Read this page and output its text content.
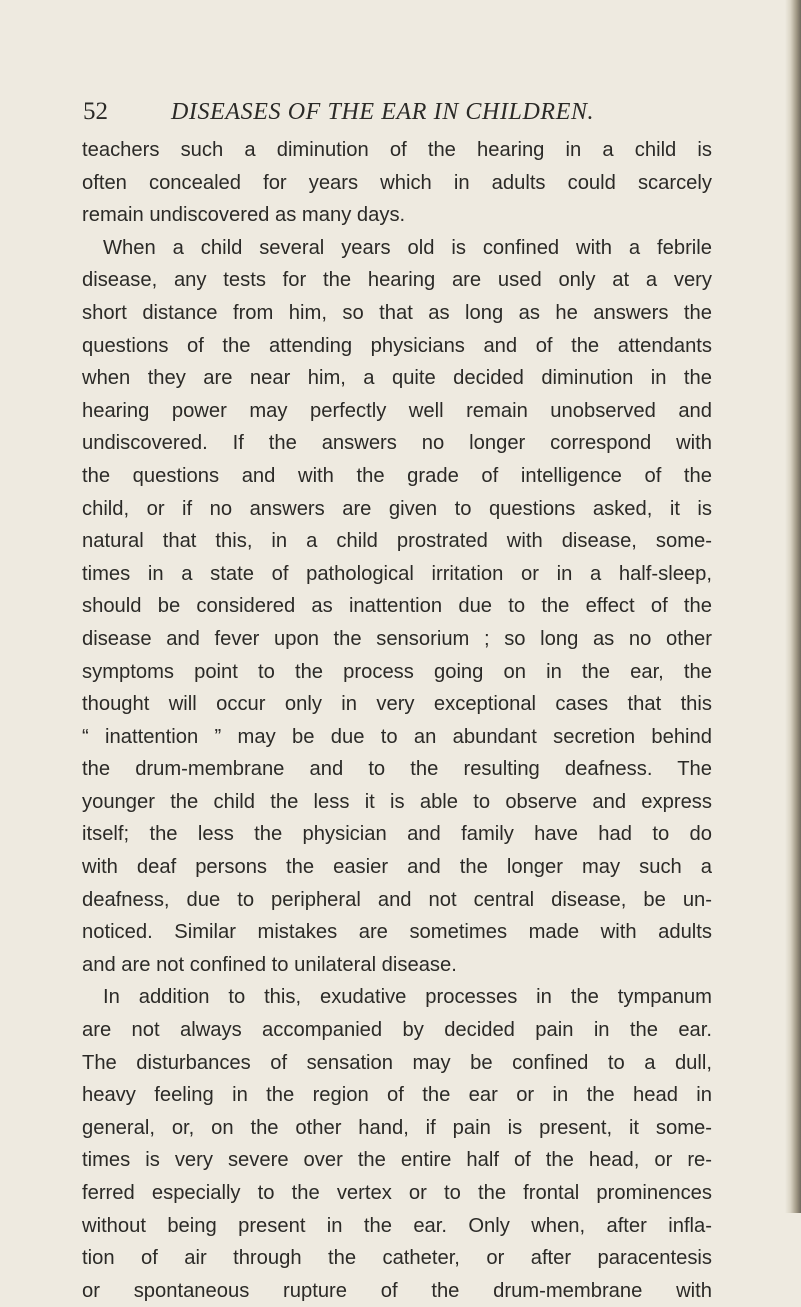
52	DISEASES OF THE EAR IN CHILDREN.
teachers such a diminution of the hearing in a child is
often concealed for years which in adults could scarcely
remain undiscovered as many days.
When a child several years old is confined with a febrile
disease, any tests for the hearing are used only at a very
short distance from him, so that as long as he answers the
questions of the attending physicians and of the attendants
when they are near him, a quite decided diminution in the
hearing power may perfectly well remain unobserved and
undiscovered. If the answers no longer correspond with
the questions and with the grade of intelligence of the
child, or if no answers are given to questions asked, it is
natural that this, in a child prostrated with disease, some-
times in a state of pathological irritation or in a half-sleep,
should be considered as inattention due to the effect of the
disease and fever upon the sensorium ; so long as no other
symptoms point to the process going on in the ear, the
thought will occur only in very exceptional cases that this
“ inattention ” may be due to an abundant secretion behind
the drum-membrane and to the resulting deafness. The
younger the child the less it is able to observe and express
itself; the less the physician and family have had to do
with deaf persons the easier and the longer may such a
deafness, due to peripheral and not central disease, be un-
noticed. Similar mistakes are sometimes made with adults
and are not confined to unilateral disease.
In addition to this, exudative processes in the tympanum
are not always accompanied by decided pain in the ear.
The disturbances of sensation may be confined to a dull,
heavy feeling in the region of the ear or in the head in
general, or, on the other hand, if pain is present, it some-
times is very severe over the entire half of the head, or re-
ferred especially to the vertex or to the frontal prominences
without being present in the ear. Only when, after infla-
tion of air through the catheter, or after paracentesis
or spontaneous rupture of the drum-membrane with
